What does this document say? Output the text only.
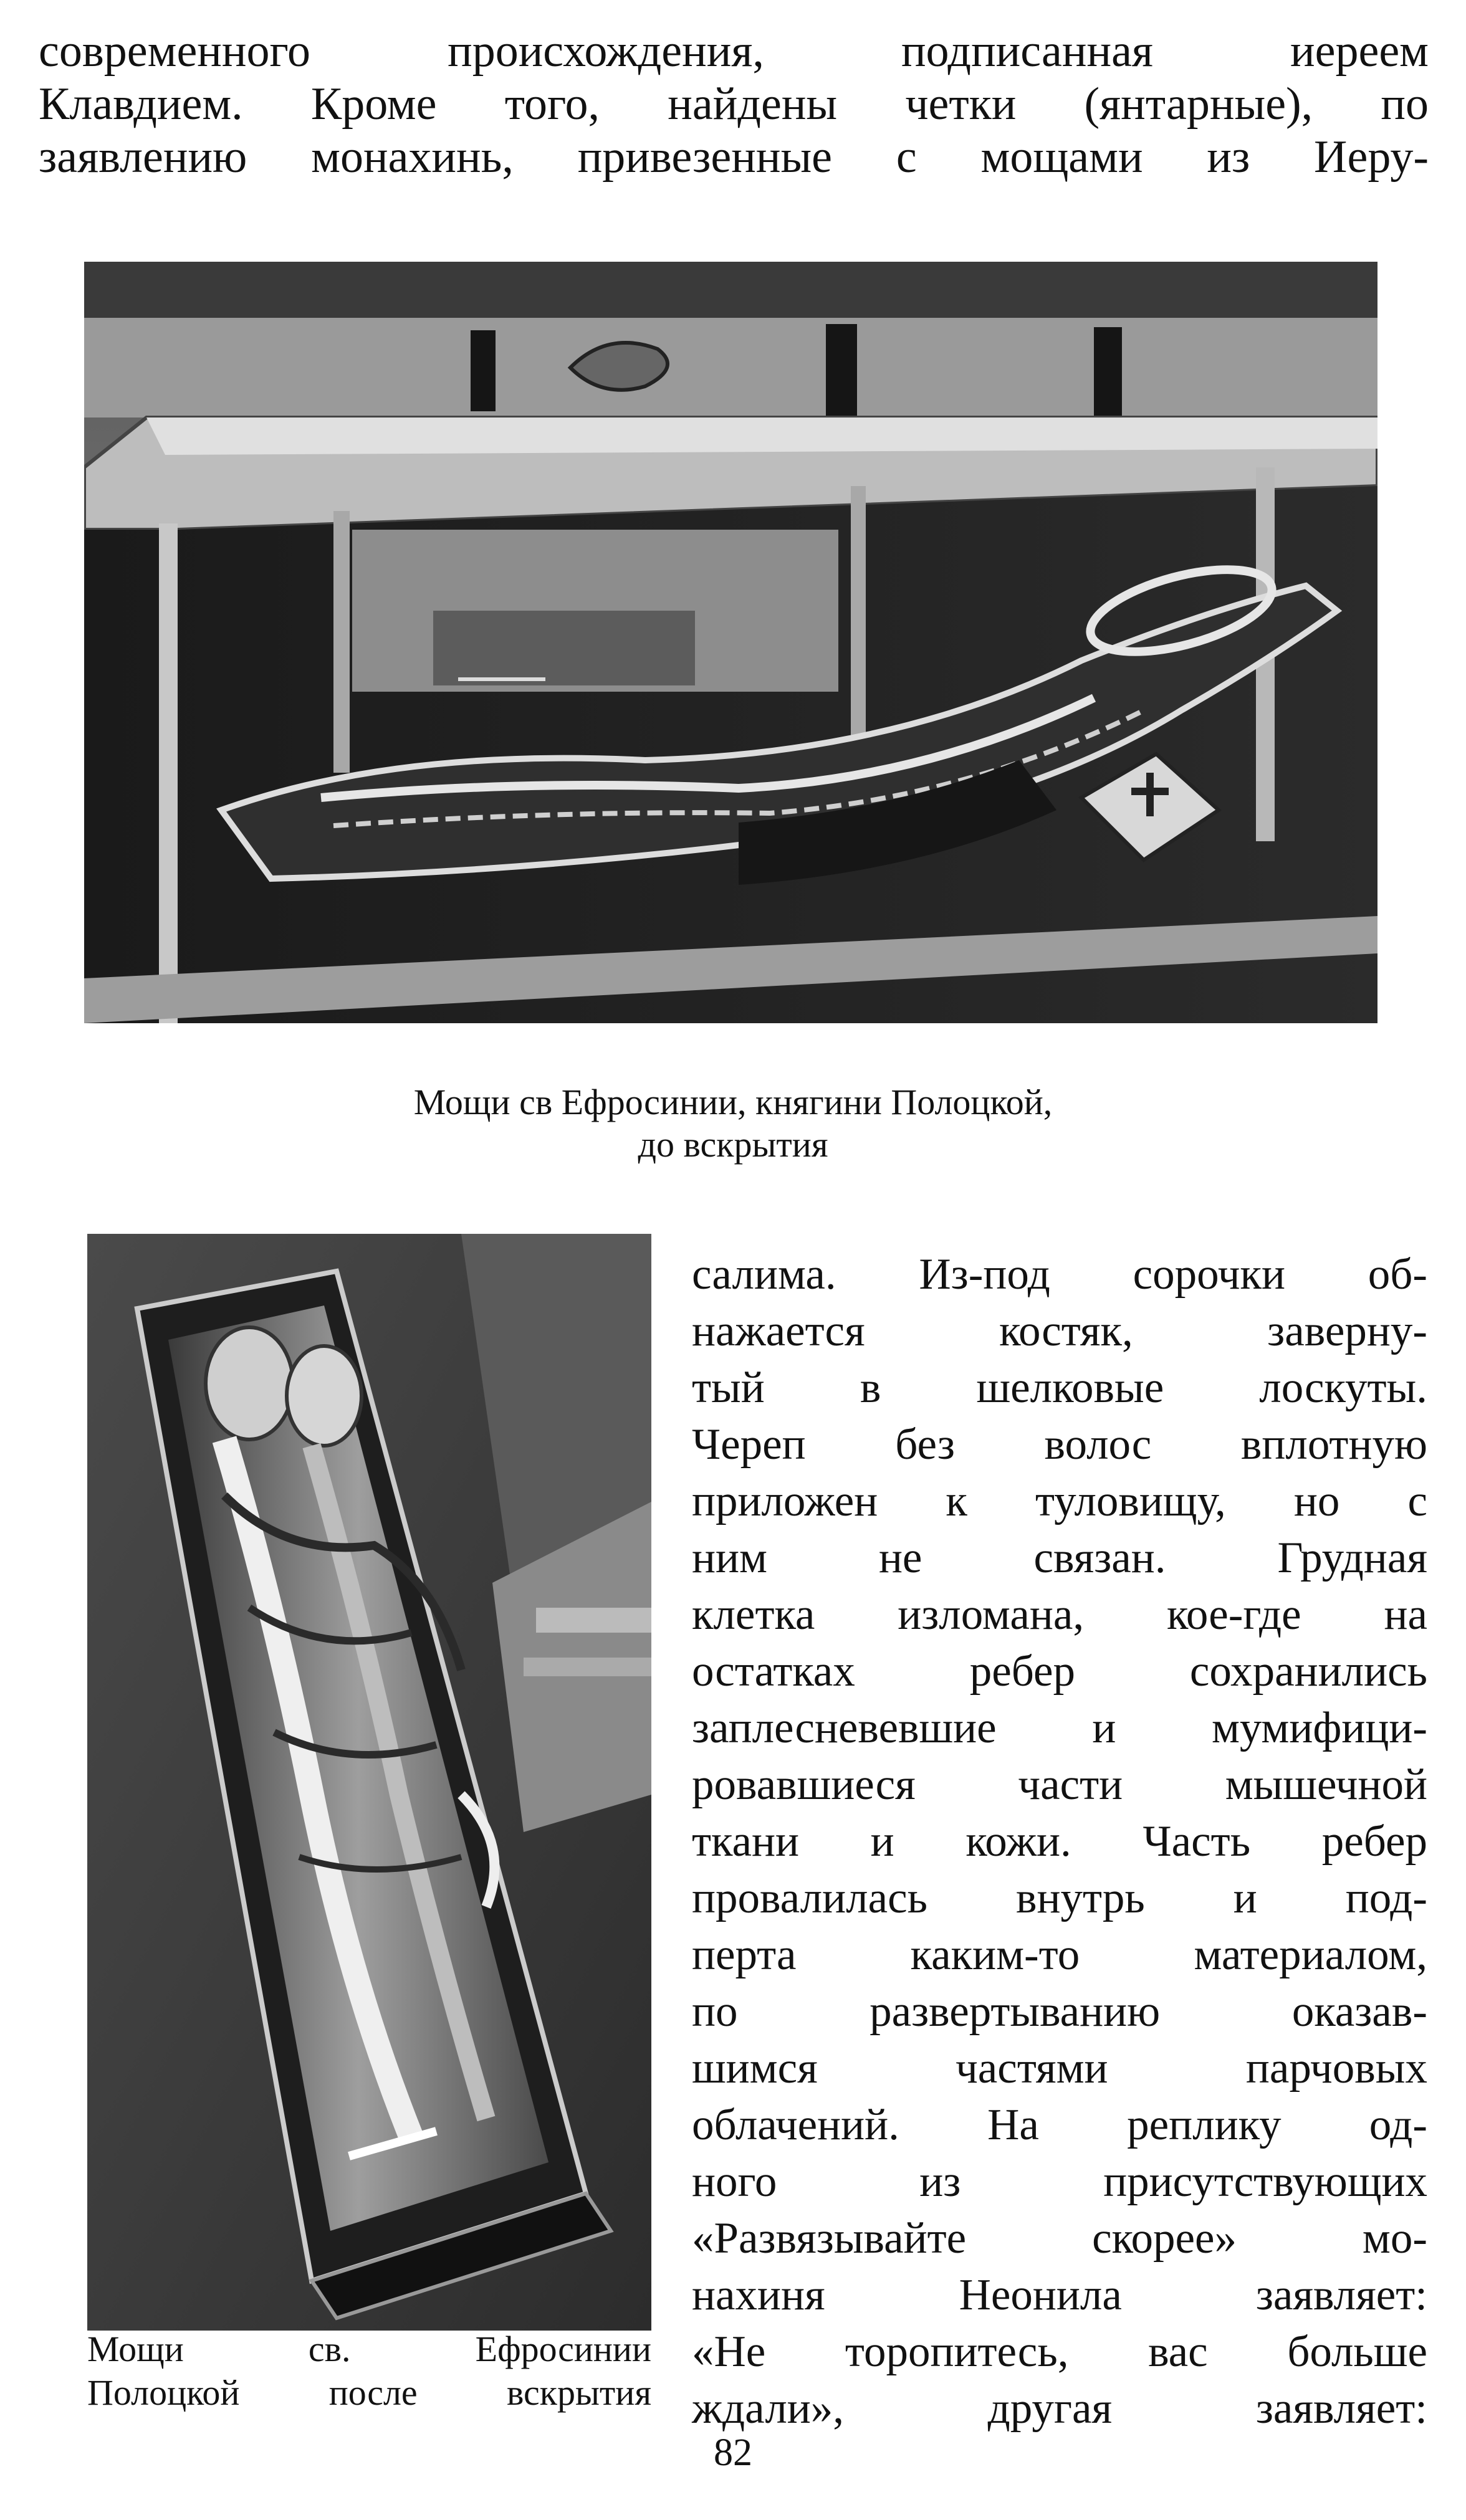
современного происхождения, подписанная иереем
Клавдием. Кроме того, найдены четки (янтарные), по
заявлению монахинь, привезенные с мощами из Иеру-
Мощи св Ефросинии, княгини Полоцкой,
до вскрытия
Мощи св. Ефросинии
Полоцкой после вскрытия
салима. Из-под сорочки об-
нажается костяк, заверну-
тый в шелковые лоскуты.
Череп без волос вплотную
приложен к туловищу, но с
ним не связан. Грудная
клетка изломана, кое-где на
остатках ребер сохранились
заплесневевшие и мумифици-
ровавшиеся части мышечной
ткани и кожи. Часть ребер
провалилась внутрь и под-
перта каким-то материалом,
по развертыванию оказав-
шимся частями парчовых
облачений. На реплику од-
ного из присутствующих
«Развязывайте скорее» мо-
нахиня Неонила заявляет:
«Не торопитесь, вас больше
ждали», другая заявляет:
82
